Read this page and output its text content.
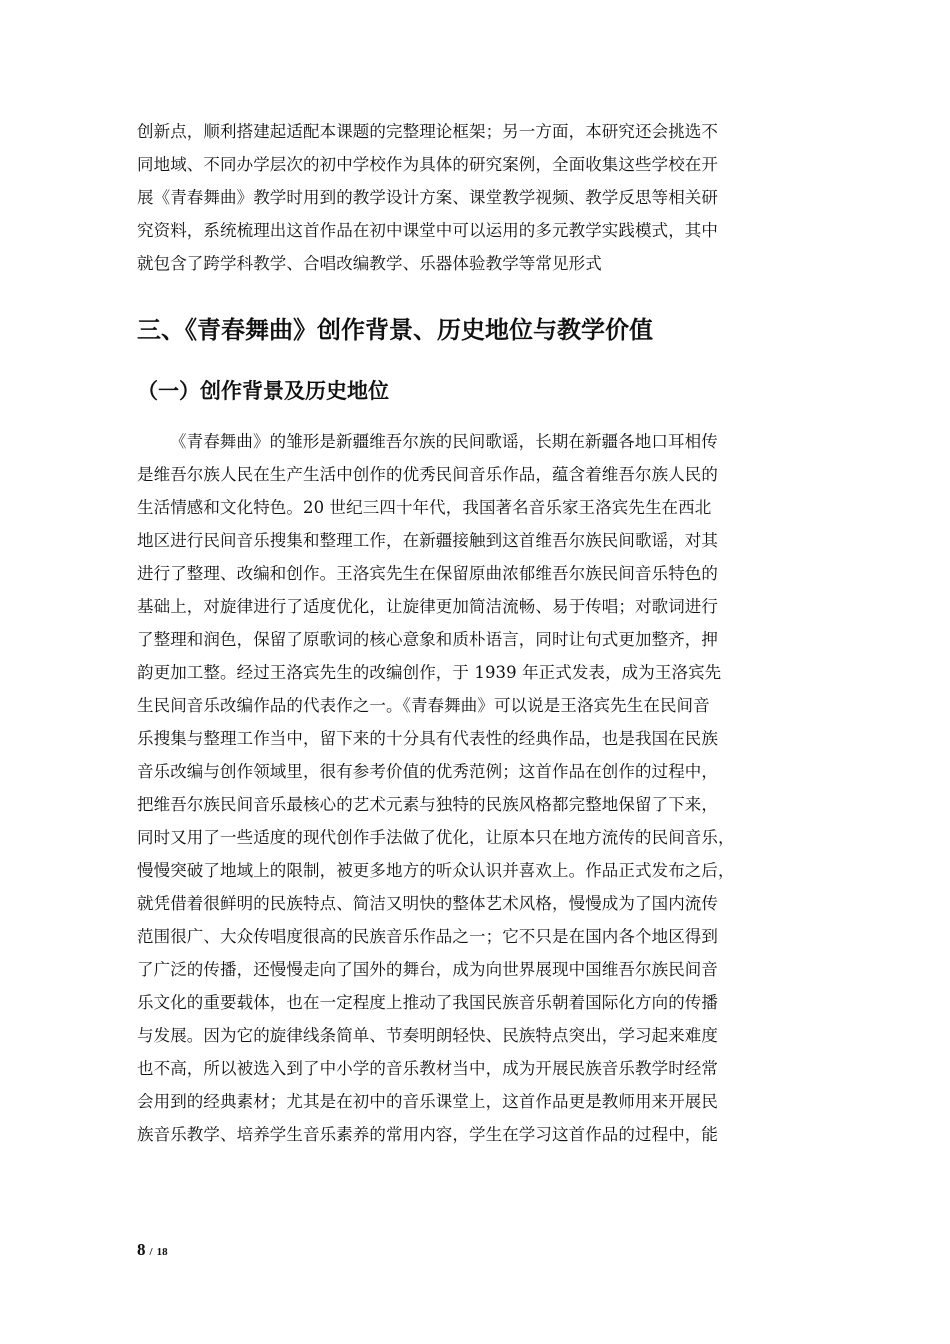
创新点，顺利搭建起适配本课题的完整理论框架；另一方面，本研究还会挑选不
同地域、不同办学层次的初中学校作为具体的研究案例，全面收集这些学校在开
展《青春舞曲》教学时用到的教学设计方案、课堂教学视频、教学反思等相关研
究资料，系统梳理出这首作品在初中课堂中可以运用的多元教学实践模式，其中
就包含了跨学科教学、合唱改编教学、乐器体验教学等常见形式
三、《青春舞曲》创作背景、历史地位与教学价值
（一）创作背景及历史地位
《青春舞曲》的雏形是新疆维吾尔族的民间歌谣，长期在新疆各地口耳相传
是维吾尔族人民在生产生活中创作的优秀民间音乐作品，蕴含着维吾尔族人民的
生活情感和文化特色。20 世纪三四十年代，我国著名音乐家王洛宾先生在西北
地区进行民间音乐搜集和整理工作，在新疆接触到这首维吾尔族民间歌谣，对其
进行了整理、改编和创作。王洛宾先生在保留原曲浓郁维吾尔族民间音乐特色的
基础上，对旋律进行了适度优化，让旋律更加简洁流畅、易于传唱；对歌词进行
了整理和润色，保留了原歌词的核心意象和质朴语言，同时让句式更加整齐，押
韵更加工整。经过王洛宾先生的改编创作，于 1939 年正式发表，成为王洛宾先
生民间音乐改编作品的代表作之一。《青春舞曲》可以说是王洛宾先生在民间音
乐搜集与整理工作当中，留下来的十分具有代表性的经典作品，也是我国在民族
音乐改编与创作领域里，很有参考价值的优秀范例；这首作品在创作的过程中，
把维吾尔族民间音乐最核心的艺术元素与独特的民族风格都完整地保留了下来，
同时又用了一些适度的现代创作手法做了优化，让原本只在地方流传的民间音乐，
慢慢突破了地域上的限制，被更多地方的听众认识并喜欢上。作品正式发布之后，
就凭借着很鲜明的民族特点、简洁又明快的整体艺术风格，慢慢成为了国内流传
范围很广、大众传唱度很高的民族音乐作品之一；它不只是在国内各个地区得到
了广泛的传播，还慢慢走向了国外的舞台，成为向世界展现中国维吾尔族民间音
乐文化的重要载体，也在一定程度上推动了我国民族音乐朝着国际化方向的传播
与发展。因为它的旋律线条简单、节奏明朗轻快、民族特点突出，学习起来难度
也不高，所以被选入到了中小学的音乐教材当中，成为开展民族音乐教学时经常
会用到的经典素材；尤其是在初中的音乐课堂上，这首作品更是教师用来开展民
族音乐教学、培养学生音乐素养的常用内容，学生在学习这首作品的过程中，能
8 / 18
